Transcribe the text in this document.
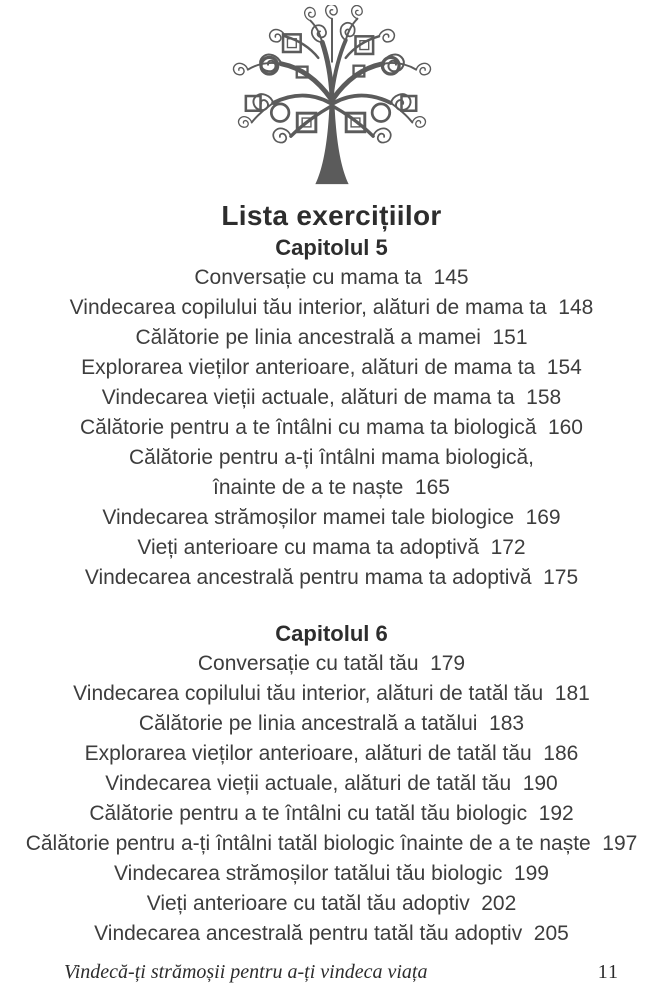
Lista exercițiilor
Capitolul 5
Conversație cu mama ta 145
Vindecarea copilului tău interior, alături de mama ta 148
Călătorie pe linia ancestrală a mamei 151
Explorarea vieților anterioare, alături de mama ta 154
Vindecarea vieții actuale, alături de mama ta 158
Călătorie pentru a te întâlni cu mama ta biologică 160
Călătorie pentru a-ți întâlni mama biologică,
înainte de a te naște 165
Vindecarea strămoșilor mamei tale biologice 169
Vieți anterioare cu mama ta adoptivă 172
Vindecarea ancestrală pentru mama ta adoptivă 175
Capitolul 6
Conversație cu tatăl tău 179
Vindecarea copilului tău interior, alături de tatăl tău 181
Călătorie pe linia ancestrală a tatălui 183
Explorarea vieților anterioare, alături de tatăl tău 186
Vindecarea vieții actuale, alături de tatăl tău 190
Călătorie pentru a te întâlni cu tatăl tău biologic 192
Călătorie pentru a-ți întâlni tatăl biologic înainte de a te naște 197
Vindecarea strămoșilor tatălui tău biologic 199
Vieți anterioare cu tatăl tău adoptiv 202
Vindecarea ancestrală pentru tatăl tău adoptiv 205
Vindecă-ți strămoșii pentru a-ți vindeca viața	11
